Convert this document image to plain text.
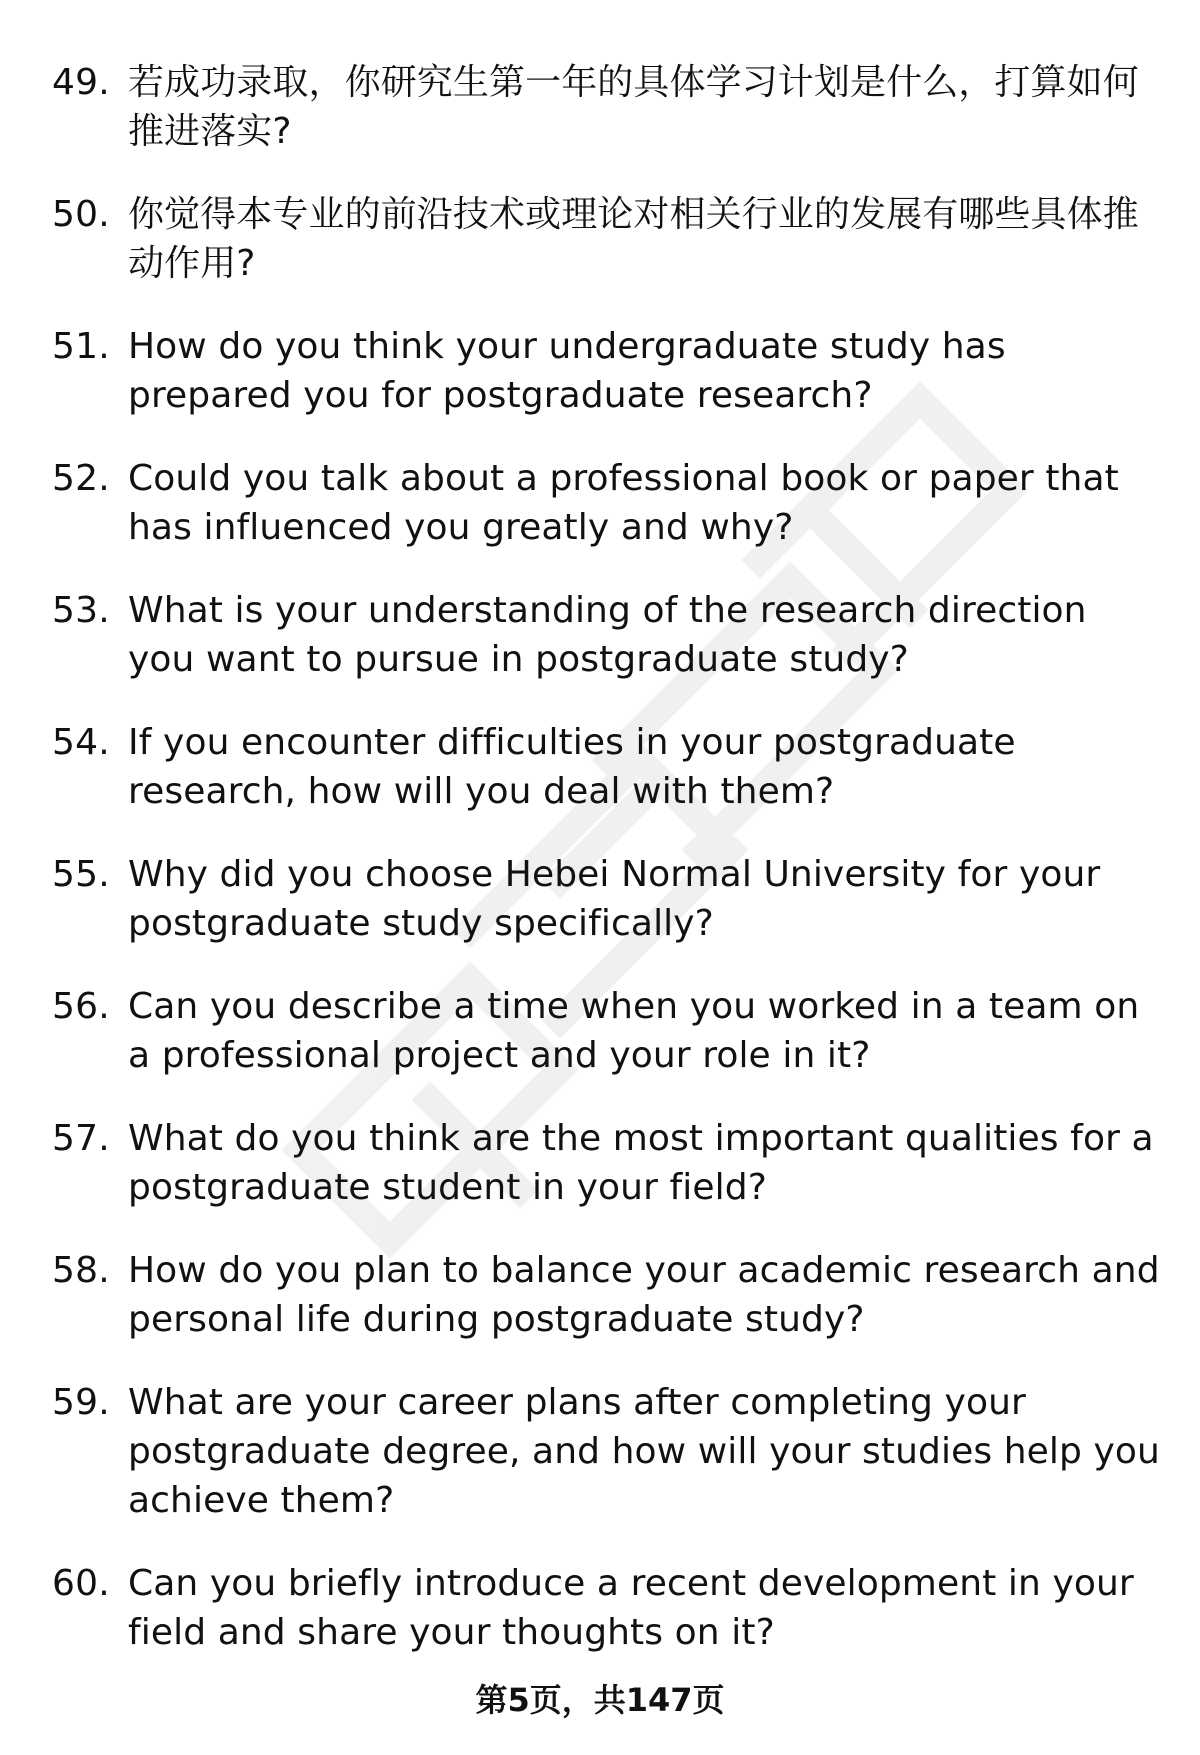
49. 若成功录取，你研究生第一年的具体学习计划是什么，打算如何推进落实?
50. 你觉得本专业的前沿技术或理论对相关行业的发展有哪些具体推动作用?
51. How do you think your undergraduate study has prepared you for postgraduate research?
52. Could you talk about a professional book or paper that has influenced you greatly and why?
53. What is your understanding of the research direction you want to pursue in postgraduate study?
54. If you encounter difficulties in your postgraduate research, how will you deal with them?
55. Why did you choose Hebei Normal University for your postgraduate study specifically?
56. Can you describe a time when you worked in a team on a professional project and your role in it?
57. What do you think are the most important qualities for a postgraduate student in your field?
58. How do you plan to balance your academic research and personal life during postgraduate study?
59. What are your career plans after completing your postgraduate degree, and how will your studies help you achieve them?
60. Can you briefly introduce a recent development in your field and share your thoughts on it?
第5页，共147页
